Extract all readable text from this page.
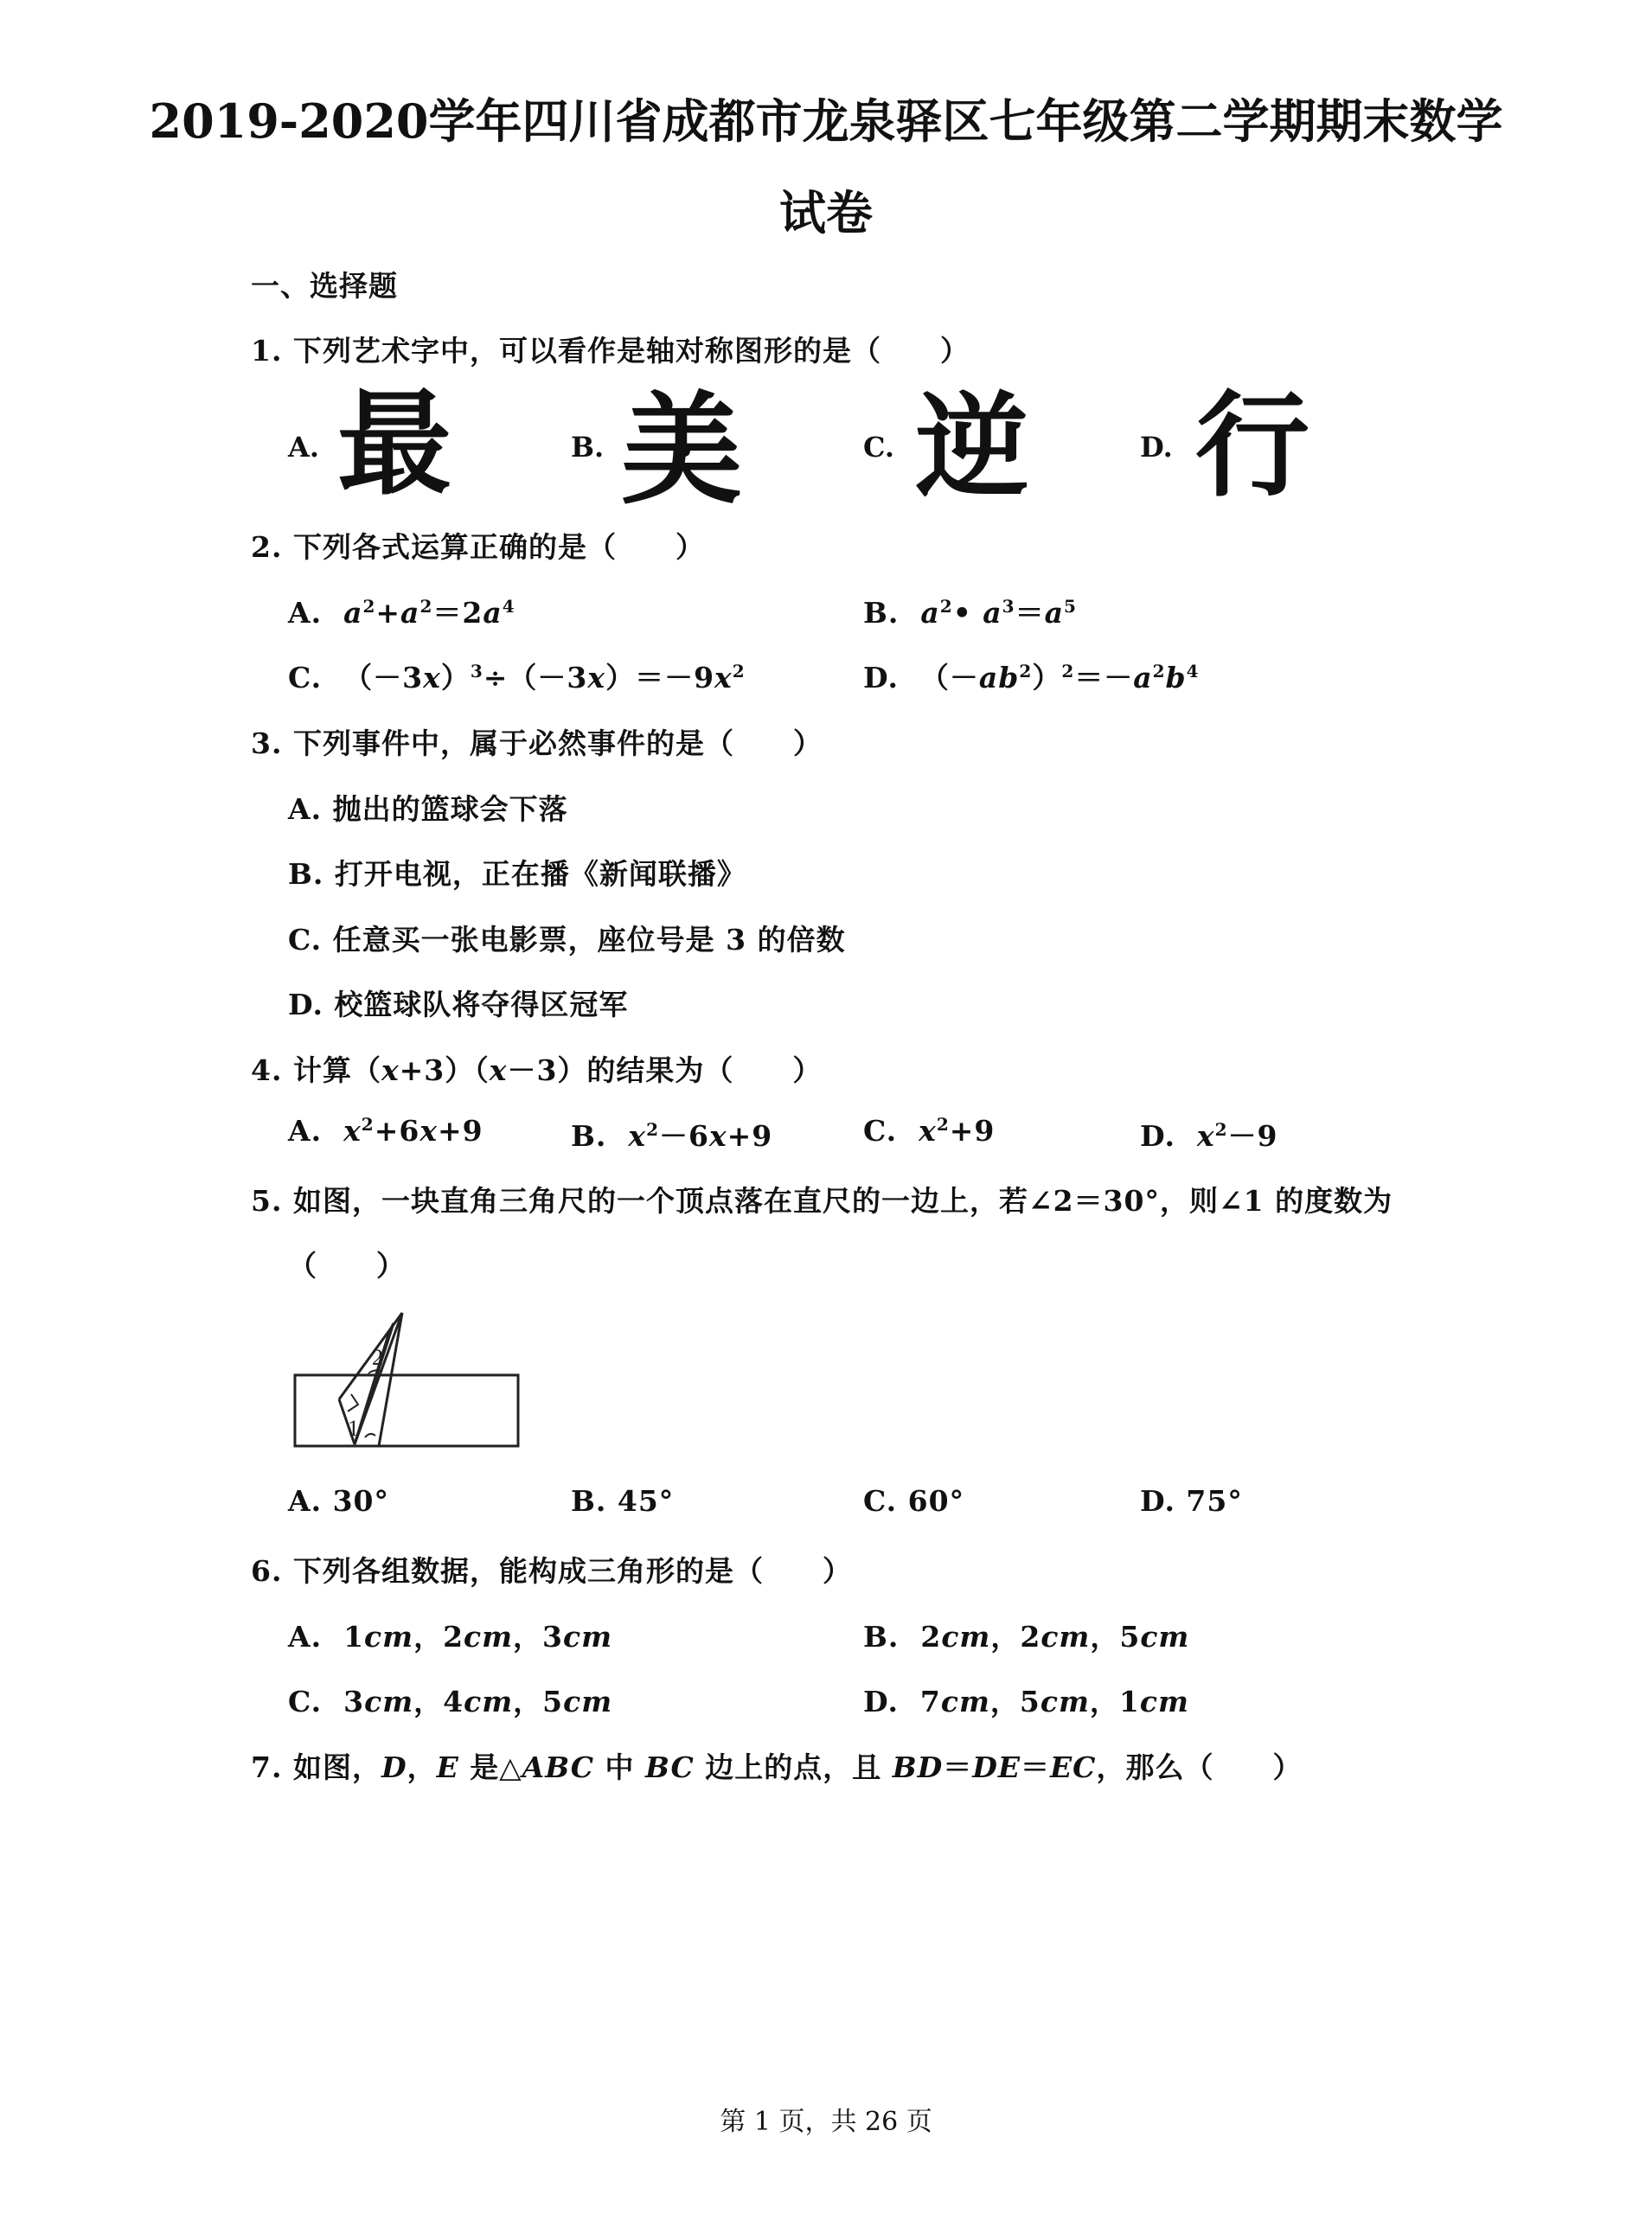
2019-2020学年四川省成都市龙泉驿区七年级第二学期期末数学
试卷
一、选择题
1. 下列艺术字中，可以看作是轴对称图形的是（　　）
A. 最	B. 美	C. 逆	D. 行
2. 下列各式运算正确的是（　　）
A. $a^2+a^2=2a^4$	B. $a^2•$ $a^3=a^5$
C.  $(-3x)^3\div(-3x)=-9x^2$	D.  $(-ab^2)^2=-a^2b^4$
3. 下列事件中，属于必然事件的是（　　）
A. 抛出的篮球会下落
B. 打开电视，正在播《新闻联播》
C. 任意买一张电影票，座位号是 3 的倍数
D. 校篮球队将夺得区冠军
4. 计算（x+3）（x－3）的结果为（　　）
A. $x^2+6x+9$	B. $x^2-6x+9$	C. $x^2+9$	D. $x^2-9$
5. 如图，一块直角三角尺的一个顶点落在直尺的一边上，若∠2＝30°，则∠1 的度数为
（　　）
1
2
A. 30°	B. 45°	C. 60°	D. 75°
6. 下列各组数据，能构成三角形的是（　　）
A.  1cm，2cm，3cm	B.  2cm，2cm，5cm
C.  3cm，4cm，5cm	D.  7cm，5cm，1cm
7. 如图，D，E 是△ABC 中 BC 边上的点，且 BD＝DE＝EC，那么（　　）
第 1 页，共 26 页
